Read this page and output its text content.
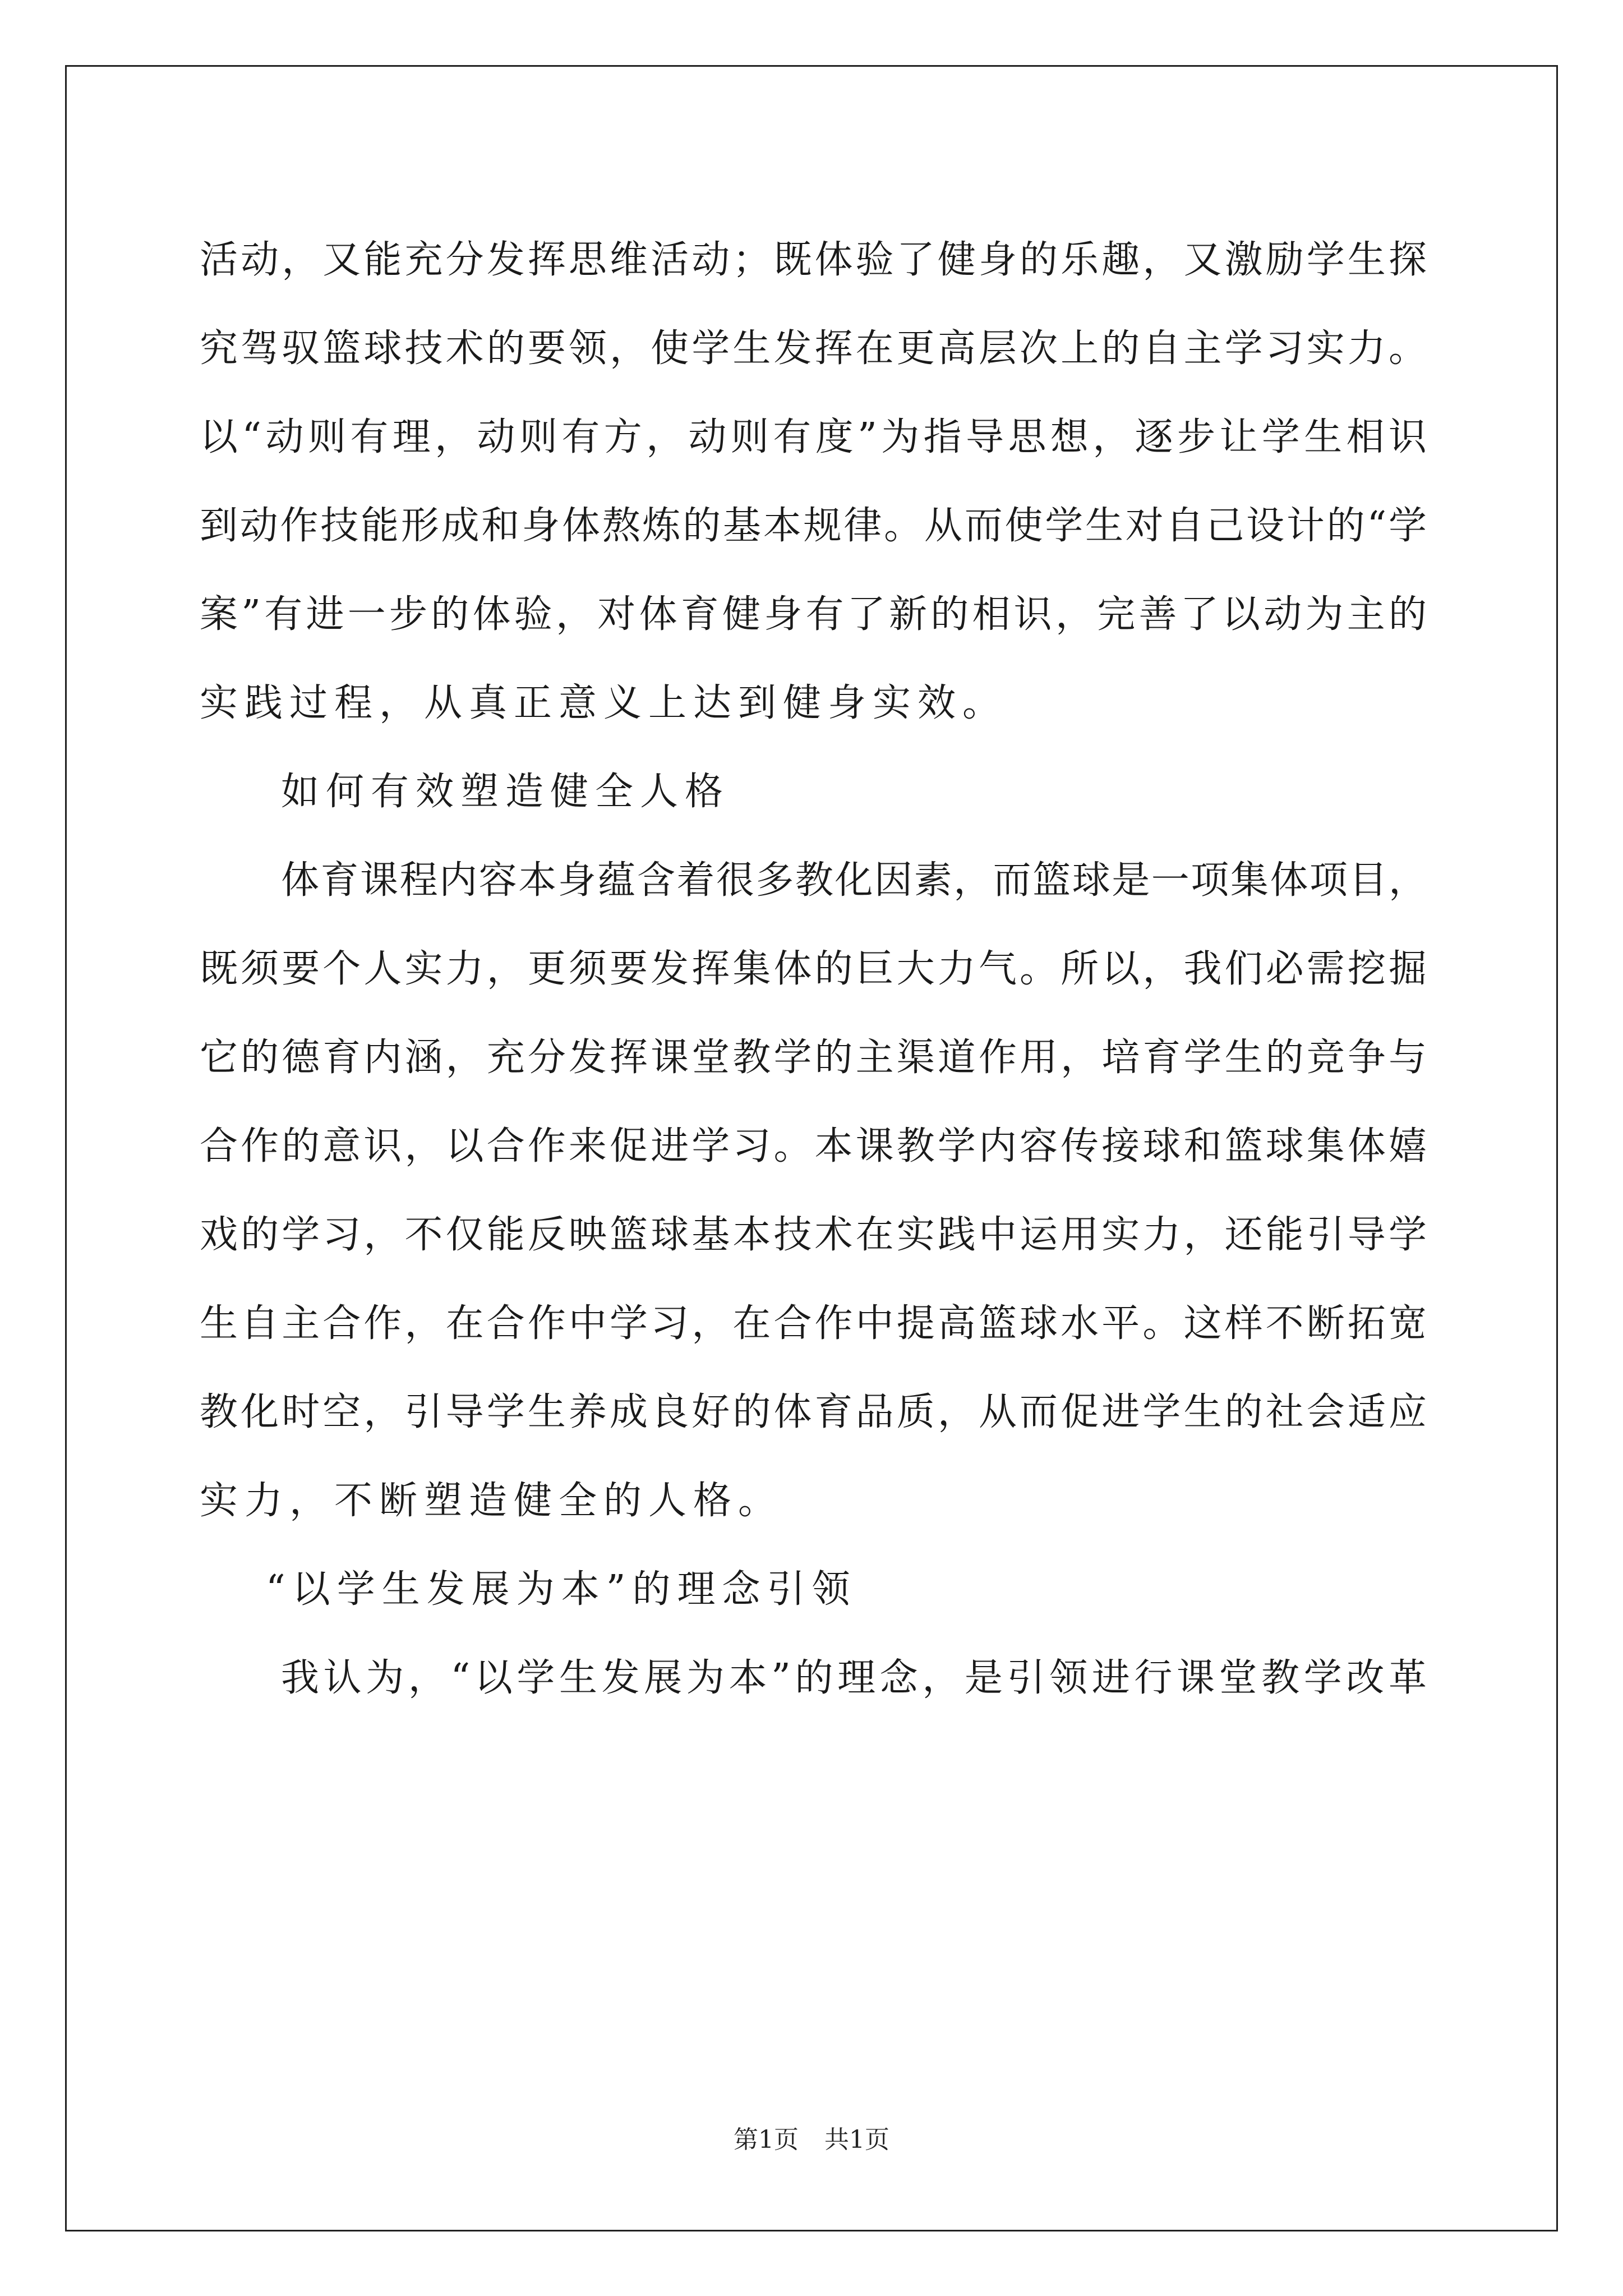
活动，又能充分发挥思维活动；既体验了健身的乐趣，又激励学生探
究驾驭篮球技术的要领，使学生发挥在更高层次上的自主学习实力。
以“动则有理，动则有方，动则有度”为指导思想，逐步让学生相识
到动作技能形成和身体熬炼的基本规律。从而使学生对自己设计的“学
案”有进一步的体验，对体育健身有了新的相识，完善了以动为主的
实践过程，从真正意义上达到健身实效。
如何有效塑造健全人格
体育课程内容本身蕴含着很多教化因素，而篮球是一项集体项目，
既须要个人实力，更须要发挥集体的巨大力气。所以，我们必需挖掘
它的德育内涵，充分发挥课堂教学的主渠道作用，培育学生的竞争与
合作的意识，以合作来促进学习。本课教学内容传接球和篮球集体嬉
戏的学习，不仅能反映篮球基本技术在实践中运用实力，还能引导学
生自主合作，在合作中学习，在合作中提高篮球水平。这样不断拓宽
教化时空，引导学生养成良好的体育品质，从而促进学生的社会适应
实力，不断塑造健全的人格。
“以学生发展为本”的理念引领
我认为，“以学生发展为本”的理念，是引领进行课堂教学改革
第1页 共1页
